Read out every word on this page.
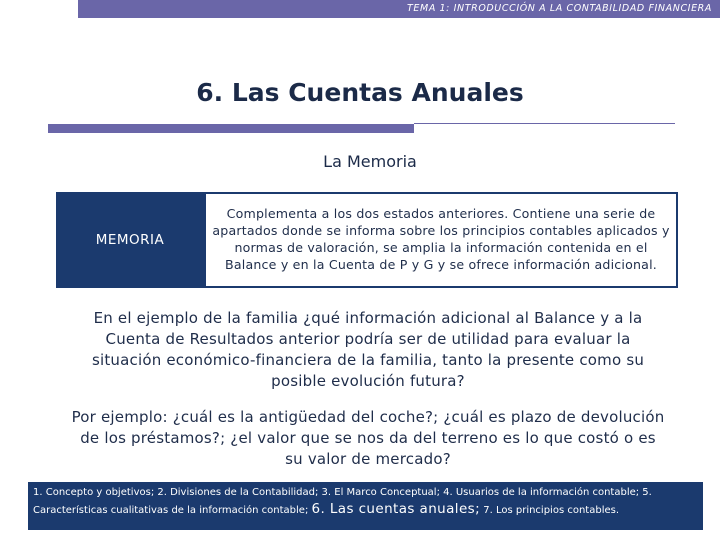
TEMA 1: INTRODUCCIÓN A LA CONTABILIDAD FINANCIERA
6. Las Cuentas Anuales
La Memoria
MEMORIA
Complementa a los dos estados anteriores. Contiene una serie de apartados donde se informa sobre los principios contables aplicados y normas de valoración, se amplia la información contenida en el Balance y en la Cuenta de P y G y se ofrece información adicional.
En el ejemplo de la familia ¿qué información adicional al Balance y a la Cuenta de Resultados anterior podría ser de utilidad para evaluar la situación económico-financiera de la familia, tanto la presente como su posible evolución futura?
Por ejemplo: ¿cuál es la antigüedad del coche?; ¿cuál es plazo de devolución de los préstamos?; ¿el valor que se nos da del terreno es lo que costó o es su valor de mercado?
1. Concepto y objetivos; 2. Divisiones de la Contabilidad; 3. El Marco Conceptual; 4. Usuarios de la información contable; 5. Características cualitativas de la información contable; 6. Las cuentas anuales; 7. Los principios contables.
